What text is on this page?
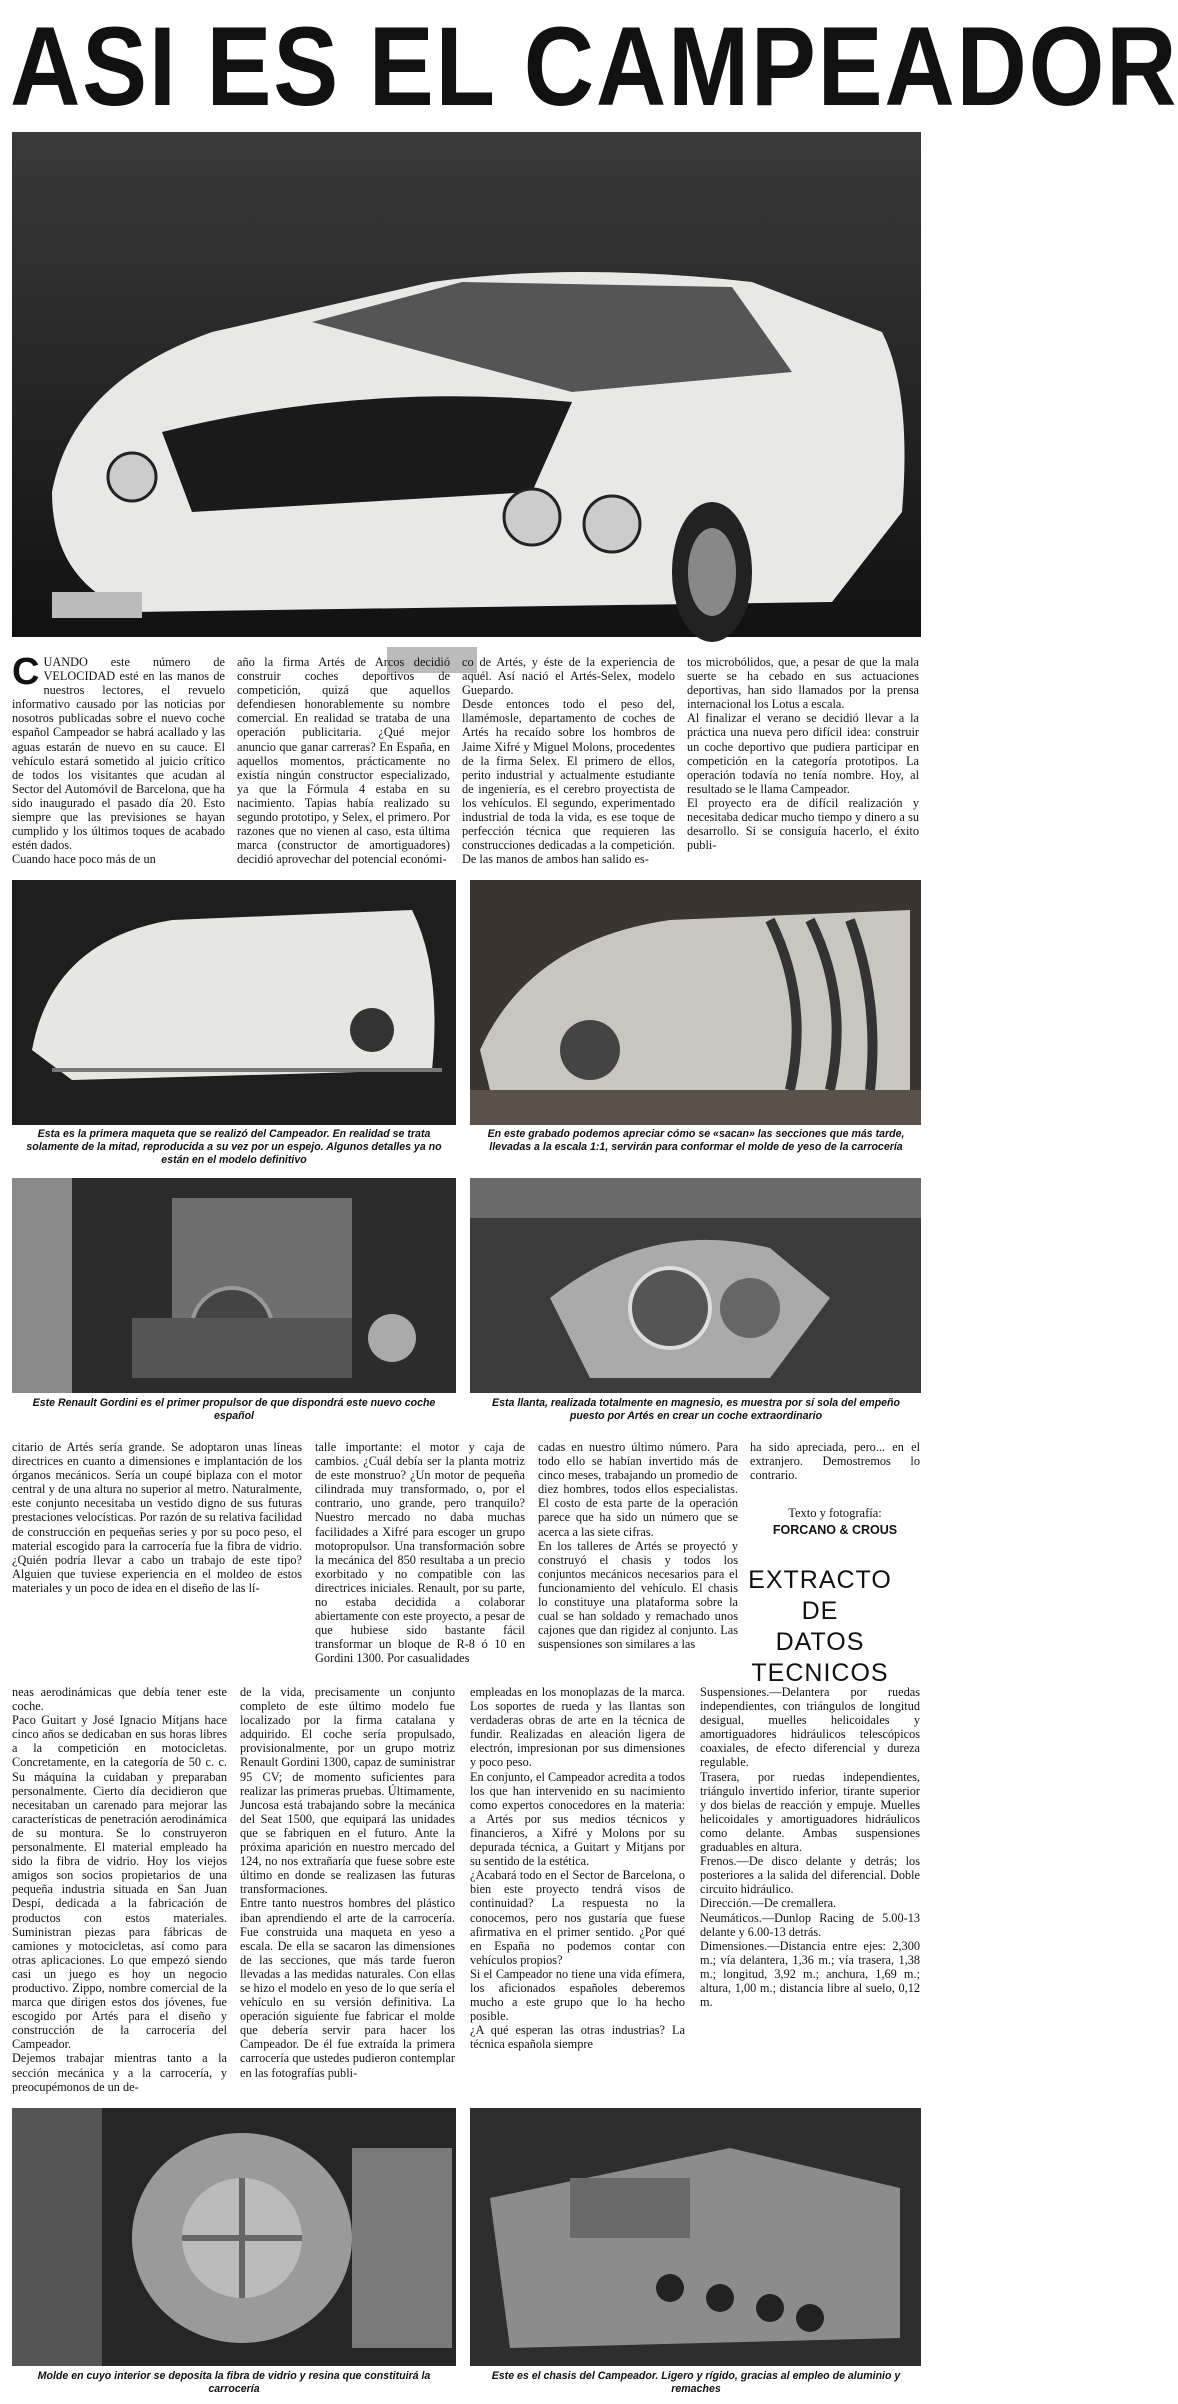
ASI ES EL CAMPEADOR
CUANDO este número de VELOCIDAD esté en las manos de nuestros lectores, el revuelo informativo causado por las noticias por nosotros publicadas sobre el nuevo coche español Campeador se habrá acallado y las aguas estarán de nuevo en su cauce. El vehículo estará sometido al juicio crítico de todos los visitantes que acudan al Sector del Automóvil de Barcelona, que ha sido inaugurado el pasado día 20. Esto siempre que las previsiones se hayan cumplido y los últimos toques de acabado estén dados.
Cuando hace poco más de un
año la firma Artés de Arcos decidió construir coches deportivos de competición, quizá que aquellos defendiesen honorablemente su nombre comercial. En realidad se trataba de una operación publicitaria. ¿Qué mejor anuncio que ganar carreras? En España, en aquellos momentos, prácticamente no existía ningún constructor especializado, ya que la Fórmula 4 estaba en su nacimiento. Tapias había realizado su segundo prototipo, y Selex, el primero. Por razones que no vienen al caso, esta última marca (constructor de amortiguadores) decidió aprovechar del potencial económi-
co de Artés, y éste de la experiencia de aquél. Así nació el Artés-Selex, modelo Guepardo.
Desde entonces todo el peso del, llamémosle, departamento de coches de Artés ha recaído sobre los hombros de Jaime Xifré y Miguel Molons, procedentes de la firma Selex. El primero de ellos, perito industrial y actualmente estudiante de ingeniería, es el cerebro proyectista de los vehículos. El segundo, experimentado industrial de toda la vida, es ese toque de perfección técnica que requieren las construcciones dedicadas a la competición. De las manos de ambos han salido es-
tos microbólidos, que, a pesar de que la mala suerte se ha cebado en sus actuaciones deportivas, han sido llamados por la prensa internacional los Lotus a escala.
Al finalizar el verano se decidió llevar a la práctica una nueva pero difícil idea: construir un coche deportivo que pudiera participar en competición en la categoría prototipos. La operación todavía no tenía nombre. Hoy, al resultado se le llama Campeador.
El proyecto era de difícil realización y necesitaba dedicar mucho tiempo y dinero a su desarrollo. Si se consiguía hacerlo, el éxito publi-
Esta es la primera maqueta que se realizó del Campeador. En realidad se trata solamente de la mitad, reproducida a su vez por un espejo. Algunos detalles ya no están en el modelo definitivo
En este grabado podemos apreciar cómo se «sacan» las secciones que más tarde, llevadas a la escala 1:1, servirán para conformar el molde de yeso de la carrocería
Este Renault Gordini es el primer propulsor de que dispondrá este nuevo coche español
Esta llanta, realizada totalmente en magnesio, es muestra por sí sola del empeño puesto por Artés en crear un coche extraordinario
citario de Artés sería grande. Se adoptaron unas líneas directrices en cuanto a dimensiones e implantación de los órganos mecánicos. Sería un coupé biplaza con el motor central y de una altura no superior al metro. Naturalmente, este conjunto necesitaba un vestido digno de sus futuras prestaciones velocísticas. Por razón de su relativa facilidad de construcción en pequeñas series y por su poco peso, el material escogido para la carrocería fue la fibra de vidrio. ¿Quién podría llevar a cabo un trabajo de este tipo? Alguien que tuviese experiencia en el moldeo de estos materiales y un poco de idea en el diseño de las lí-
talle importante: el motor y caja de cambios. ¿Cuál debía ser la planta motriz de este monstruo? ¿Un motor de pequeña cilindrada muy transformado, o, por el contrario, uno grande, pero tranquilo? Nuestro mercado no daba muchas facilidades a Xifré para escoger un grupo motopropulsor. Una transformación sobre la mecánica del 850 resultaba a un precio exorbitado y no compatible con las directrices iniciales. Renault, por su parte, no estaba decidida a colaborar abiertamente con este proyecto, a pesar de que hubiese sido bastante fácil transformar un bloque de R-8 ó 10 en Gordini 1300. Por casualidades
cadas en nuestro último número. Para todo ello se habían invertido más de cinco meses, trabajando un promedio de diez hombres, todos ellos especialistas. El costo de esta parte de la operación parece que ha sido un número que se acerca a las siete cifras.
En los talleres de Artés se proyectó y construyó el chasis y todos los conjuntos mecánicos necesarios para el funcionamiento del vehículo. El chasis lo constituye una plataforma sobre la cual se han soldado y remachado unos cajones que dan rigidez al conjunto. Las suspensiones son similares a las
ha sido apreciada, pero... en el extranjero. Demostremos lo contrario.
Texto y fotografía:
FORCANO & CROUS
EXTRACTO
DE
DATOS TECNICOS
neas aerodinámicas que debía tener este coche.
Paco Guitart y José Ignacio Mitjans hace cinco años se dedicaban en sus horas libres a la competición en motocicletas. Concretamente, en la categoría de 50 c. c. Su máquina la cuidaban y preparaban personalmente. Cierto día decidieron que necesitaban un carenado para mejorar las características de penetración aerodinámica de su montura. Se lo construyeron personalmente. El material empleado ha sido la fibra de vidrio. Hoy los viejos amigos son socios propietarios de una pequeña industria situada en San Juan Despí, dedicada a la fabricación de productos con estos materiales. Suministran piezas para fábricas de camiones y motocicletas, así como para otras aplicaciones. Lo que empezó siendo casi un juego es hoy un negocio productivo. Zippo, nombre comercial de la marca que dirigen estos dos jóvenes, fue escogido por Artés para el diseño y construcción de la carrocería del Campeador.
Dejemos trabajar mientras tanto a la sección mecánica y a la carrocería, y preocupémonos de un de-
de la vida, precisamente un conjunto completo de este último modelo fue localizado por la firma catalana y adquirido. El coche sería propulsado, provisionalmente, por un grupo motriz Renault Gordini 1300, capaz de suministrar 95 CV; de momento suficientes para realizar las primeras pruebas. Últimamente, Juncosa está trabajando sobre la mecánica del Seat 1500, que equipará las unidades que se fabriquen en el futuro. Ante la próxima aparición en nuestro mercado del 124, no nos extrañaría que fuese sobre este último en donde se realizasen las futuras transformaciones.
Entre tanto nuestros hombres del plástico iban aprendiendo el arte de la carrocería. Fue construida una maqueta en yeso a escala. De ella se sacaron las dimensiones de las secciones, que más tarde fueron llevadas a las medidas naturales. Con ellas se hizo el modelo en yeso de lo que sería el vehículo en su versión definitiva. La operación siguiente fue fabricar el molde que debería servir para hacer los Campeador. De él fue extraída la primera carrocería que ustedes pudieron contemplar en las fotografías publi-
empleadas en los monoplazas de la marca. Los soportes de rueda y las llantas son verdaderas obras de arte en la técnica de fundir. Realizadas en aleación ligera de electrón, impresionan por sus dimensiones y poco peso.
En conjunto, el Campeador acredita a todos los que han intervenido en su nacimiento como expertos conocedores en la materia: a Artés por sus medios técnicos y financieros, a Xifré y Molons por su depurada técnica, a Guitart y Mitjans por su sentido de la estética.
¿Acabará todo en el Sector de Barcelona, o bien este proyecto tendrá visos de continuidad? La respuesta no la conocemos, pero nos gustaría que fuese afirmativa en el primer sentido. ¿Por qué en España no podemos contar con vehículos propios?
Si el Campeador no tiene una vida efímera, los aficionados españoles deberemos mucho a este grupo que lo ha hecho posible.
¿A qué esperan las otras industrias? La técnica española siempre
Suspensiones.—Delantera por ruedas independientes, con triángulos de longitud desigual, muelles helicoidales y amortiguadores hidráulicos telescópicos coaxiales, de efecto diferencial y dureza regulable.
Trasera, por ruedas independientes, triángulo invertido inferior, tirante superior y dos bielas de reacción y empuje. Muelles helicoidales y amortiguadores hidráulicos como delante. Ambas suspensiones graduables en altura.
Frenos.—De disco delante y detrás; los posteriores a la salida del diferencial. Doble circuito hidráulico.
Dirección.—De cremallera.
Neumáticos.—Dunlop Racing de 5.00-13 delante y 6.00-13 detrás.
Dimensiones.—Distancia entre ejes: 2,300 m.; vía delantera, 1,36 m.; vía trasera, 1,38 m.; longitud, 3,92 m.; anchura, 1,69 m.; altura, 1,00 m.; distancia libre al suelo, 0,12 m.
Molde en cuyo interior se deposita la fibra de vidrio y resina que constituirá la carrocería
Este es el chasis del Campeador. Ligero y rígido, gracias al empleo de aluminio y remaches
